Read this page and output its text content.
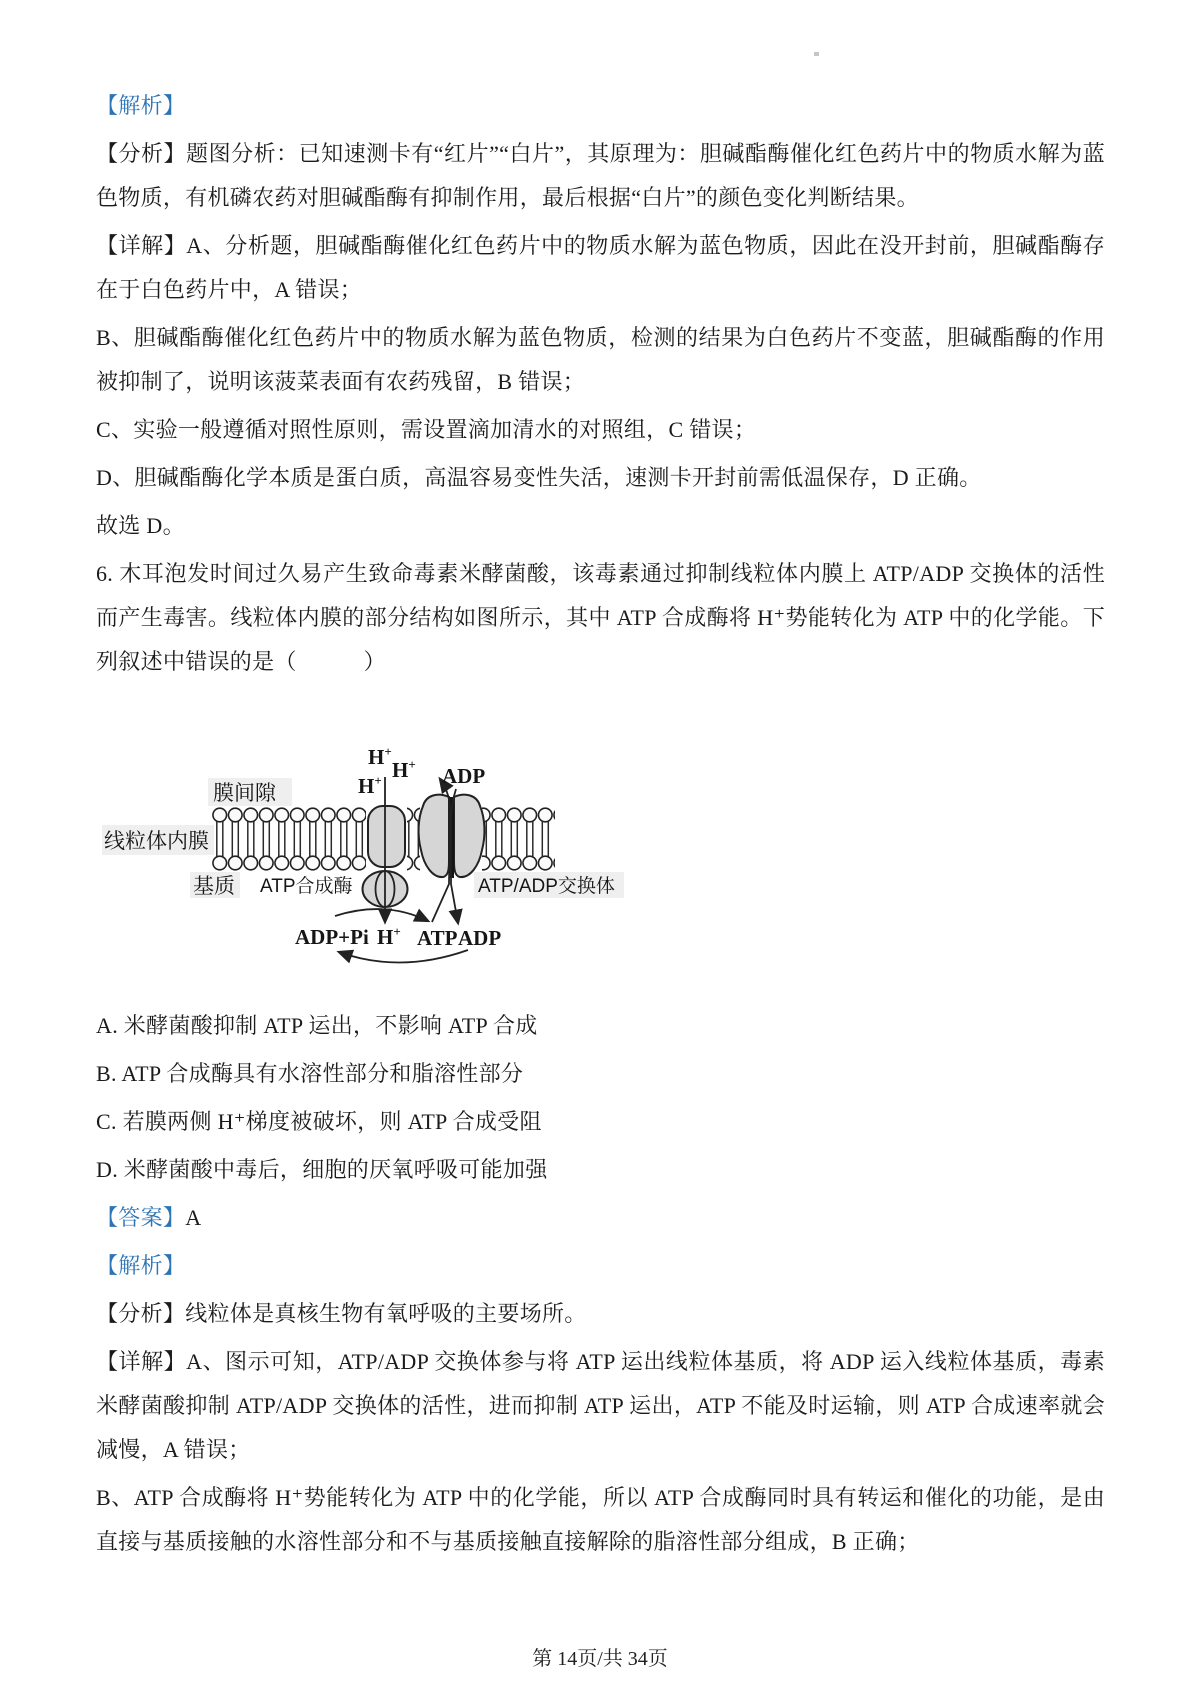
【解析】

【分析】题图分析：已知速测卡有“红片”“白片”，其原理为：胆碱酯酶催化红色药片中的物质水解为蓝色物质，有机磷农药对胆碱酯酶有抑制作用，最后根据“白片”的颜色变化判断结果。

【详解】A、分析题，胆碱酯酶催化红色药片中的物质水解为蓝色物质，因此在没开封前，胆碱酯酶存在于白色药片中，A 错误；

B、胆碱酯酶催化红色药片中的物质水解为蓝色物质，检测的结果为白色药片不变蓝，胆碱酯酶的作用被抑制了，说明该菠菜表面有农药残留，B 错误；

C、实验一般遵循对照性原则，需设置滴加清水的对照组，C 错误；

D、胆碱酯酶化学本质是蛋白质，高温容易变性失活，速测卡开封前需低温保存，D 正确。

故选 D。

6. 木耳泡发时间过久易产生致命毒素米酵菌酸，该毒素通过抑制线粒体内膜上 ATP/ADP 交换体的活性而产生毒害。线粒体内膜的部分结构如图所示，其中 ATP 合成酶将 H⁺势能转化为 ATP 中的化学能。下列叙述中错误的是（　　　）

膜间隙
线粒体内膜
基质 ATP合成酶	ATP/ADP交换体
H+
H+
H+	ADP
ADP+Pi H+ ATP ADP

A. 米酵菌酸抑制 ATP 运出，不影响 ATP 合成

B. ATP 合成酶具有水溶性部分和脂溶性部分

C. 若膜两侧 H⁺梯度被破坏，则 ATP 合成受阻

D. 米酵菌酸中毒后，细胞的厌氧呼吸可能加强

【答案】A

【解析】

【分析】线粒体是真核生物有氧呼吸的主要场所。

【详解】A、图示可知，ATP/ADP 交换体参与将 ATP 运出线粒体基质，将 ADP 运入线粒体基质，毒素米酵菌酸抑制 ATP/ADP 交换体的活性，进而抑制 ATP 运出，ATP 不能及时运输，则 ATP 合成速率就会减慢，A 错误；

B、ATP 合成酶将 H⁺势能转化为 ATP 中的化学能，所以 ATP 合成酶同时具有转运和催化的功能，是由直接与基质接触的水溶性部分和不与基质接触直接解除的脂溶性部分组成，B 正确；

第 14页/共 34页
